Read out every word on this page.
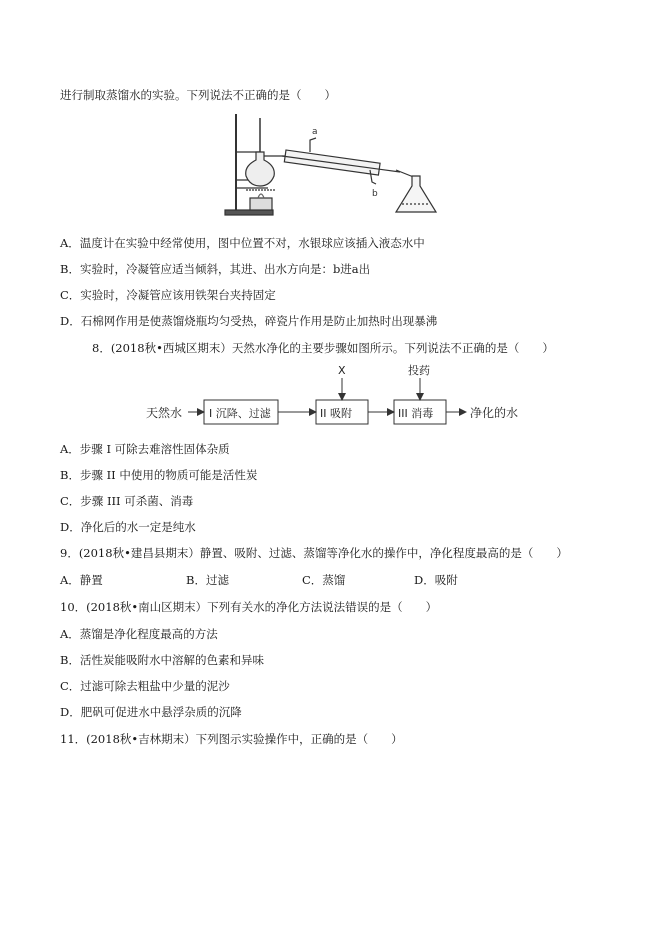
进行制取蒸馏水的实验。下列说法不正确的是（　　）
a
b
A．温度计在实验中经常使用，图中位置不对，水银球应该插入液态水中
B．实验时，冷凝管应适当倾斜，其进、出水方向是：b进a出
C．实验时，冷凝管应该用铁架台夹持固定
D．石棉网作用是使蒸馏烧瓶均匀受热，碎瓷片作用是防止加热时出现暴沸
8．(2018秋•西城区期末）天然水净化的主要步骤如图所示。下列说法不正确的是（　　）
天然水 I 沉降、过滤	II 吸附	III 消毒	净化的水
X	投药
A．步骤 I 可除去难溶性固体杂质
B．步骤 II 中使用的物质可能是活性炭
C．步骤 III 可杀菌、消毒
D．净化后的水一定是纯水
9．(2018秋•建昌县期末）静置、吸附、过滤、蒸馏等净化水的操作中，净化程度最高的是（　　）
A．静置	B．过滤	C．蒸馏	D．吸附
10．(2018秋•南山区期末）下列有关水的净化方法说法错误的是（　　）
A．蒸馏是净化程度最高的方法
B．活性炭能吸附水中溶解的色素和异味
C．过滤可除去粗盐中少量的泥沙
D．肥矾可促进水中悬浮杂质的沉降
11．(2018秋•吉林期末）下列图示实验操作中，正确的是（　　）
